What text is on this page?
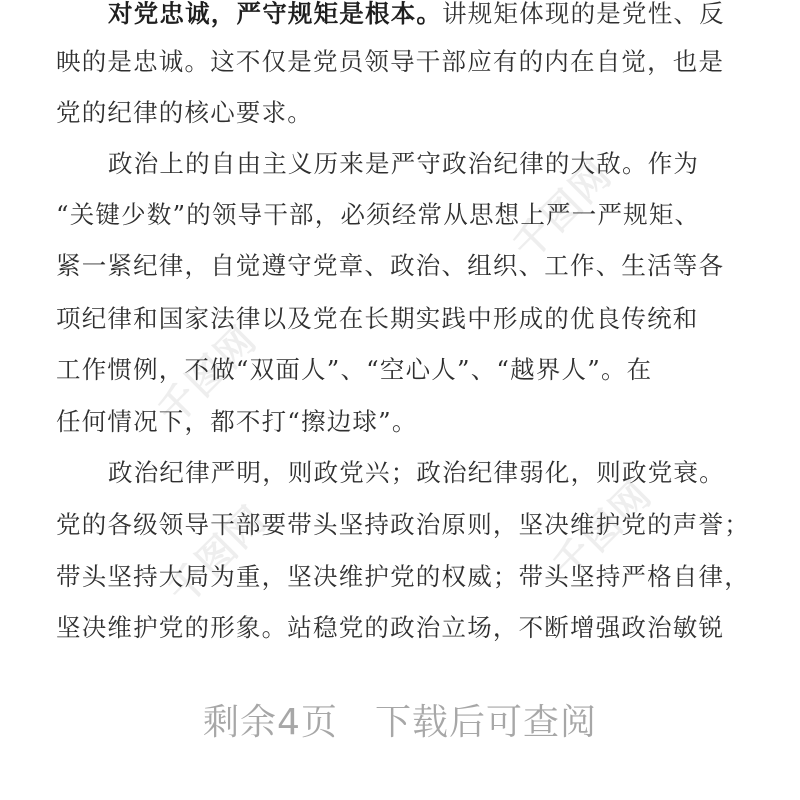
千图网
千图网
千图网
千图网
对党忠诚，严守规矩是根本。讲规矩体现的是党性、反
映的是忠诚。这不仅是党员领导干部应有的内在自觉，也是
党的纪律的核心要求。
政治上的自由主义历来是严守政治纪律的大敌。作为
“关键少数”的领导干部，必须经常从思想上严一严规矩、
紧一紧纪律，自觉遵守党章、政治、组织、工作、生活等各
项纪律和国家法律以及党在长期实践中形成的优良传统和
工作惯例，不做“双面人”、“空心人”、“越界人”。在
任何情况下，都不打“擦边球”。
政治纪律严明，则政党兴；政治纪律弱化，则政党衰。
党的各级领导干部要带头坚持政治原则，坚决维护党的声誉；
带头坚持大局为重，坚决维护党的权威；带头坚持严格自律，
坚决维护党的形象。站稳党的政治立场，不断增强政治敏锐
剩余4页　下载后可查阅
